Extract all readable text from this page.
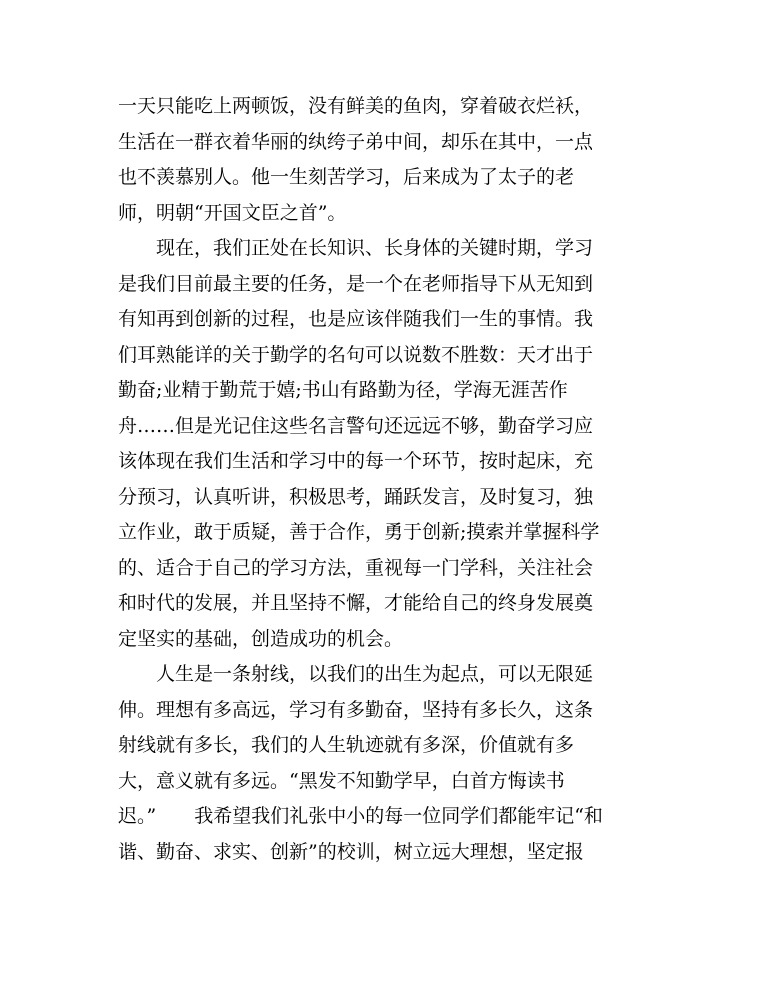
一天只能吃上两顿饭，没有鲜美的鱼肉，穿着破衣烂袄，
生活在一群衣着华丽的纨绔子弟中间，却乐在其中，一点
也不羡慕别人。他一生刻苦学习，后来成为了太子的老
师，明朝“开国文臣之首”。
　　现在，我们正处在长知识、长身体的关键时期，学习
是我们目前最主要的任务，是一个在老师指导下从无知到
有知再到创新的过程，也是应该伴随我们一生的事情。我
们耳熟能详的关于勤学的名句可以说数不胜数：天才出于
勤奋;业精于勤荒于嬉;书山有路勤为径，学海无涯苦作
舟……但是光记住这些名言警句还远远不够，勤奋学习应
该体现在我们生活和学习中的每一个环节，按时起床，充
分预习，认真听讲，积极思考，踊跃发言，及时复习，独
立作业，敢于质疑，善于合作，勇于创新;摸索并掌握科学
的、适合于自己的学习方法，重视每一门学科，关注社会
和时代的发展，并且坚持不懈，才能给自己的终身发展奠
定坚实的基础，创造成功的机会。
　　人生是一条射线，以我们的出生为起点，可以无限延
伸。理想有多高远，学习有多勤奋，坚持有多长久，这条
射线就有多长，我们的人生轨迹就有多深，价值就有多
大，意义就有多远。“黑发不知勤学早，白首方悔读书
迟。”　　我希望我们礼张中小的每一位同学们都能牢记“和
谐、勤奋、求实、创新”的校训，树立远大理想，坚定报
